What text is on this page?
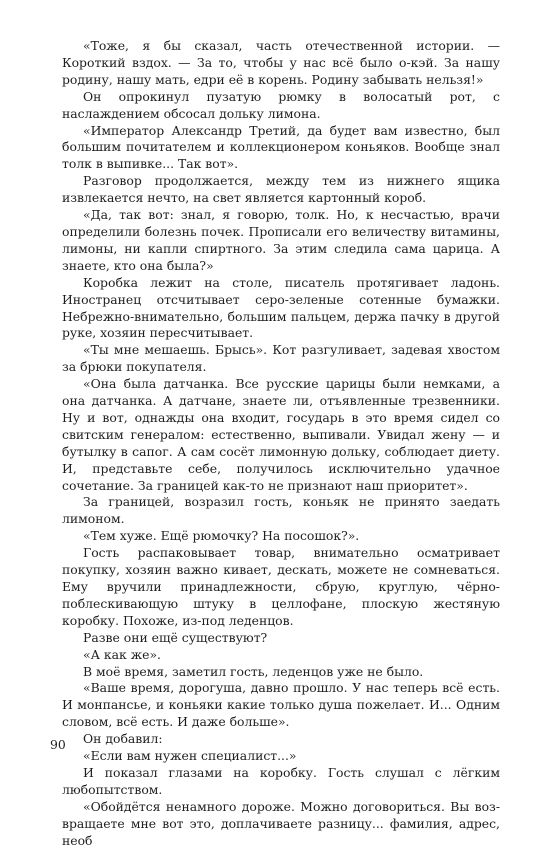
«Тоже, я бы сказал, часть отечественной истории. — Короткий вздох. — За то, чтобы у нас всё было о-кэй. За нашу родину, нашу мать, едри её в корень. Родину забывать нельзя!»

Он опрокинул пузатую рюмку в волосатый рот, с наслаждением обсосал дольку лимона.

«Император Александр Третий, да будет вам известно, был большим почитателем и коллекционером коньяков. Вообще знал толк в выпивке... Так вот».

Разговор продолжается, между тем из нижнего ящика извлекается нечто, на свет является картонный короб.

«Да, так вот: знал, я говорю, толк. Но, к несчастью, врачи определили болезнь почек. Прописали его величеству витамины, лимоны, ни капли спиртного. За этим следила сама царица. А знаете, кто она была?»

Коробка лежит на столе, писатель протягивает ладонь. Иностранец отсчитывает серо-зеленые сотенные бумажки. Небрежно-внимательно, большим пальцем, держа пачку в другой руке, хозяин пересчитывает.

«Ты мне мешаешь. Брысь». Кот разгуливает, задевая хвостом за брюки покупателя.

«Она была датчанка. Все русские царицы были немками, а она датчанка. А датчане, знаете ли, отъявленные трезвенники. Ну и вот, однажды она входит, государь в это время сидел со свитским генералом: естественно, выпивали. Увидал жену — и бутылку в сапог. А сам сосёт лимонную дольку, соблюдает диету. И, представьте себе, получилось исключительно удачное сочетание. За границей как-то не признают наш приоритет».

За границей, возразил гость, коньяк не принято заедать лимоном.

«Тем хуже. Ещё рюмочку? На посошок?».

Гость распаковывает товар, внимательно осматривает покупку, хозяин важно кивает, дескать, можете не сомневаться. Ему вручили принадлежности, сбрую, круглую, чёрно-поблескивающую штуку в целлофане, плоскую жестяную коробку. Похоже, из-под леденцов.

Разве они ещё существуют?

«А как же».

В моё время, заметил гость, леденцов уже не было.

«Ваше время, дорогуша, давно прошло. У нас теперь всё есть. И монпансье, и коньяки какие только душа пожелает. И... Одним словом, всё есть. И даже больше».

Он добавил:

«Если вам нужен специалист...»

И показал глазами на коробку. Гость слушал с лёгким любопытством.

«Обойдётся ненамного дороже. Можно договориться. Вы возвращаете мне вот это, доплачиваете разницу... фамилия, адрес, необ

90
